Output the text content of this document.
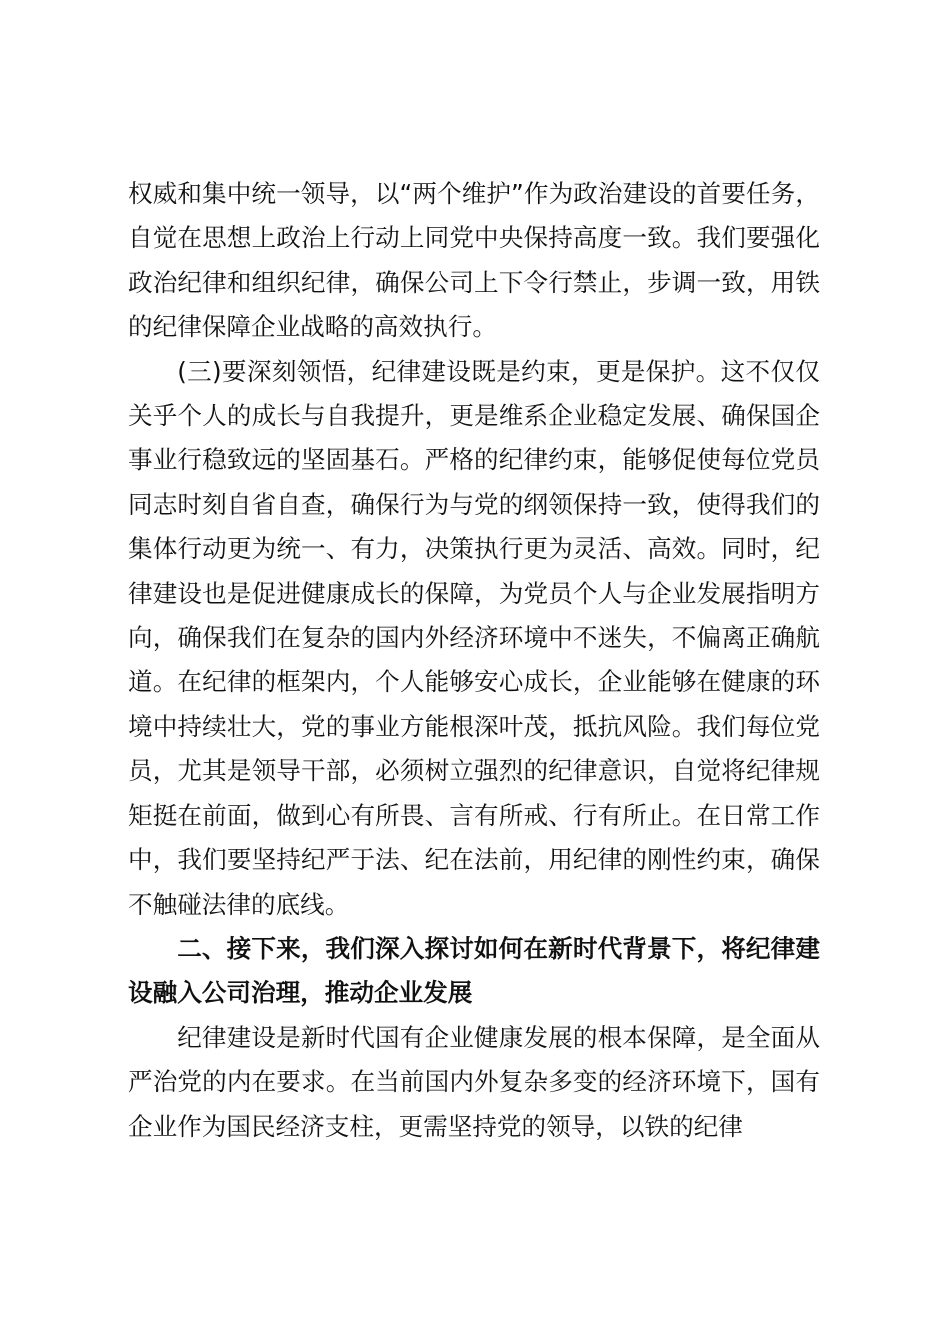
权威和集中统一领导，以“两个维护”作为政治建设的首要任务，自觉在思想上政治上行动上同党中央保持高度一致。我们要强化政治纪律和组织纪律，确保公司上下令行禁止，步调一致，用铁的纪律保障企业战略的高效执行。

(三)要深刻领悟，纪律建设既是约束，更是保护。这不仅仅关乎个人的成长与自我提升，更是维系企业稳定发展、确保国企事业行稳致远的坚固基石。严格的纪律约束，能够促使每位党员同志时刻自省自查，确保行为与党的纲领保持一致，使得我们的集体行动更为统一、有力，决策执行更为灵活、高效。同时，纪律建设也是促进健康成长的保障，为党员个人与企业发展指明方向，确保我们在复杂的国内外经济环境中不迷失，不偏离正确航道。在纪律的框架内，个人能够安心成长，企业能够在健康的环境中持续壮大，党的事业方能根深叶茂，抵抗风险。我们每位党员，尤其是领导干部，必须树立强烈的纪律意识，自觉将纪律规矩挺在前面，做到心有所畏、言有所戒、行有所止。在日常工作中，我们要坚持纪严于法、纪在法前，用纪律的刚性约束，确保不触碰法律的底线。

二、接下来，我们深入探讨如何在新时代背景下，将纪律建设融入公司治理，推动企业发展

纪律建设是新时代国有企业健康发展的根本保障，是全面从严治党的内在要求。在当前国内外复杂多变的经济环境下，国有企业作为国民经济支柱，更需坚持党的领导，以铁的纪律
